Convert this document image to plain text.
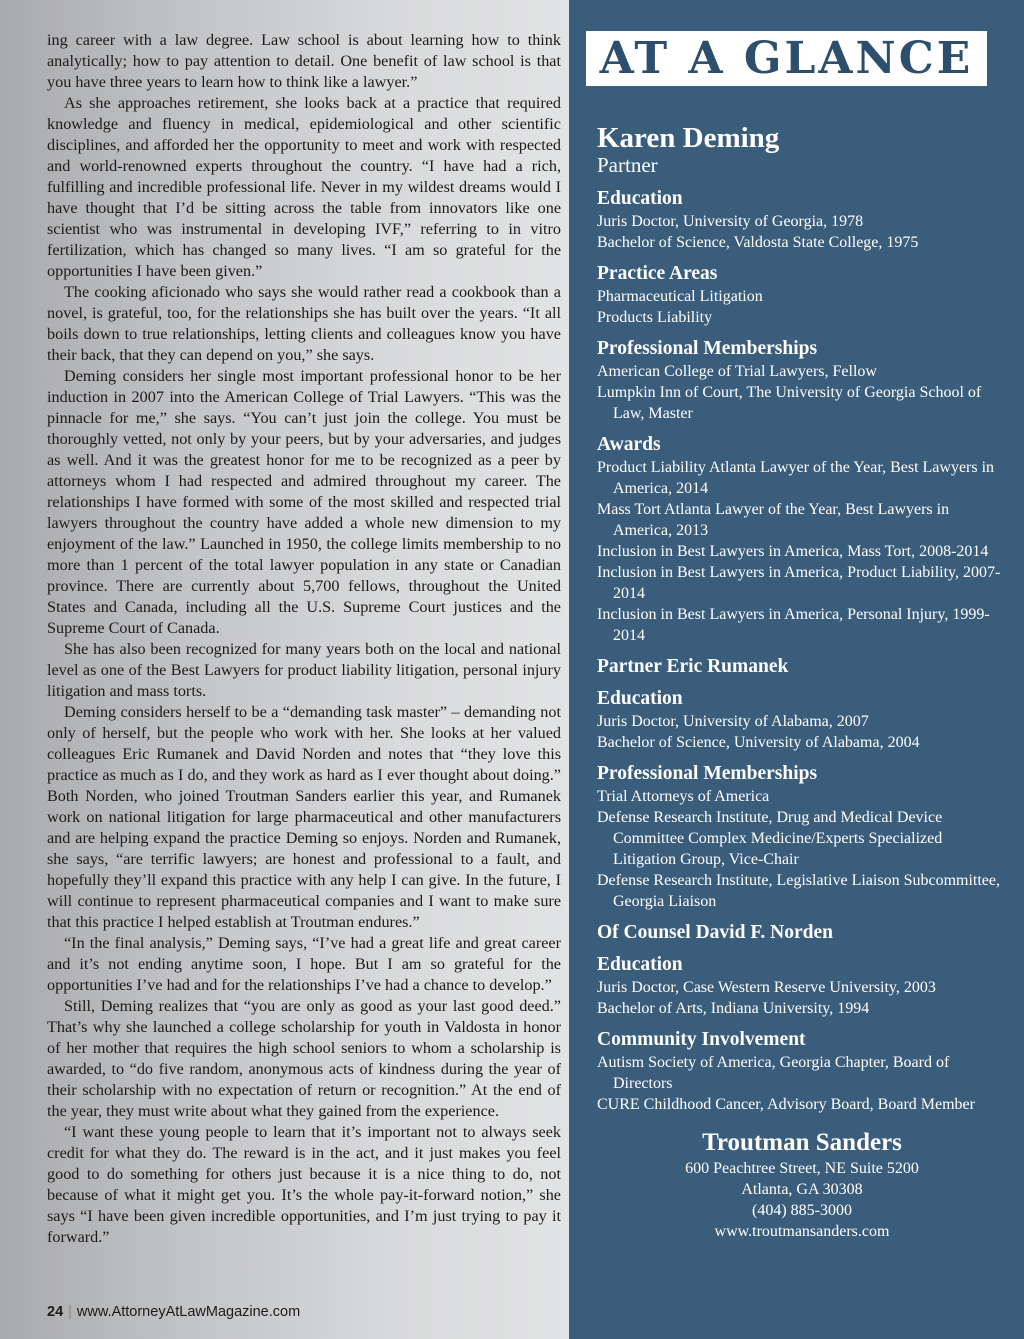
ing career with a law degree. Law school is about learning how to think analytically; how to pay attention to detail. One benefit of law school is that you have three years to learn how to think like a lawyer.”

As she approaches retirement, she looks back at a practice that required knowledge and fluency in medical, epidemiological and other scientific disciplines, and afforded her the opportunity to meet and work with respected and world-renowned experts throughout the country. “I have had a rich, fulfilling and incredible professional life. Never in my wildest dreams would I have thought that I’d be sitting across the table from innovators like one scientist who was instrumental in developing IVF,” referring to in vitro fertilization, which has changed so many lives. “I am so grateful for the opportunities I have been given.”

The cooking aficionado who says she would rather read a cookbook than a novel, is grateful, too, for the relationships she has built over the years. “It all boils down to true relationships, letting clients and colleagues know you have their back, that they can depend on you,” she says.

Deming considers her single most important professional honor to be her induction in 2007 into the American College of Trial Lawyers. “This was the pinnacle for me,” she says. “You can’t just join the college. You must be thoroughly vetted, not only by your peers, but by your adversaries, and judges as well. And it was the greatest honor for me to be recognized as a peer by attorneys whom I had respected and admired throughout my career. The relationships I have formed with some of the most skilled and respected trial lawyers throughout the country have added a whole new dimension to my enjoyment of the law.” Launched in 1950, the college limits membership to no more than 1 percent of the total lawyer population in any state or Canadian province. There are currently about 5,700 fellows, throughout the United States and Canada, including all the U.S. Supreme Court justices and the Supreme Court of Canada.

She has also been recognized for many years both on the local and national level as one of the Best Lawyers for product liability litigation, personal injury litigation and mass torts.

Deming considers herself to be a “demanding task master” – demanding not only of herself, but the people who work with her. She looks at her valued colleagues Eric Rumanek and David Norden and notes that “they love this practice as much as I do, and they work as hard as I ever thought about doing.” Both Norden, who joined Troutman Sanders earlier this year, and Rumanek work on national litigation for large pharmaceutical and other manufacturers and are helping expand the practice Deming so enjoys. Norden and Rumanek, she says, “are terrific lawyers; are honest and professional to a fault, and hopefully they’ll expand this practice with any help I can give. In the future, I will continue to represent pharmaceutical companies and I want to make sure that this practice I helped establish at Troutman endures.”

“In the final analysis,” Deming says, “I’ve had a great life and great career and it’s not ending anytime soon, I hope. But I am so grateful for the opportunities I’ve had and for the relationships I’ve had a chance to develop.”

Still, Deming realizes that “you are only as good as your last good deed.” That’s why she launched a college scholarship for youth in Valdosta in honor of her mother that requires the high school seniors to whom a scholarship is awarded, to “do five random, anonymous acts of kindness during the year of their scholarship with no expectation of return or recognition.” At the end of the year, they must write about what they gained from the experience.

“I want these young people to learn that it’s important not to always seek credit for what they do. The reward is in the act, and it just makes you feel good to do something for others just because it is a nice thing to do, not because of what it might get you. It’s the whole pay-it-forward notion,” she says “I have been given incredible opportunities, and I’m just trying to pay it forward.”

24 | www.AttorneyAtLawMagazine.com
AT A GLANCE
Karen Deming
Partner
Education
Juris Doctor, University of Georgia, 1978
Bachelor of Science, Valdosta State College, 1975
Practice Areas
Pharmaceutical Litigation
Products Liability
Professional Memberships
American College of Trial Lawyers, Fellow
Lumpkin Inn of Court, The University of Georgia School of Law, Master
Awards
Product Liability Atlanta Lawyer of the Year, Best Lawyers in America, 2014
Mass Tort Atlanta Lawyer of the Year, Best Lawyers in America, 2013
Inclusion in Best Lawyers in America, Mass Tort, 2008-2014
Inclusion in Best Lawyers in America, Product Liability, 2007-2014
Inclusion in Best Lawyers in America, Personal Injury, 1999-2014
Partner Eric Rumanek
Education
Juris Doctor, University of Alabama, 2007
Bachelor of Science, University of Alabama, 2004
Professional Memberships
Trial Attorneys of America
Defense Research Institute, Drug and Medical Device Committee Complex Medicine/Experts Specialized Litigation Group, Vice-Chair
Defense Research Institute, Legislative Liaison Subcommittee, Georgia Liaison
Of Counsel David F. Norden
Education
Juris Doctor, Case Western Reserve University, 2003
Bachelor of Arts, Indiana University, 1994
Community Involvement
Autism Society of America, Georgia Chapter, Board of Directors
CURE Childhood Cancer, Advisory Board, Board Member
Troutman Sanders
600 Peachtree Street, NE Suite 5200
Atlanta, GA 30308
(404) 885-3000
www.troutmansanders.com
